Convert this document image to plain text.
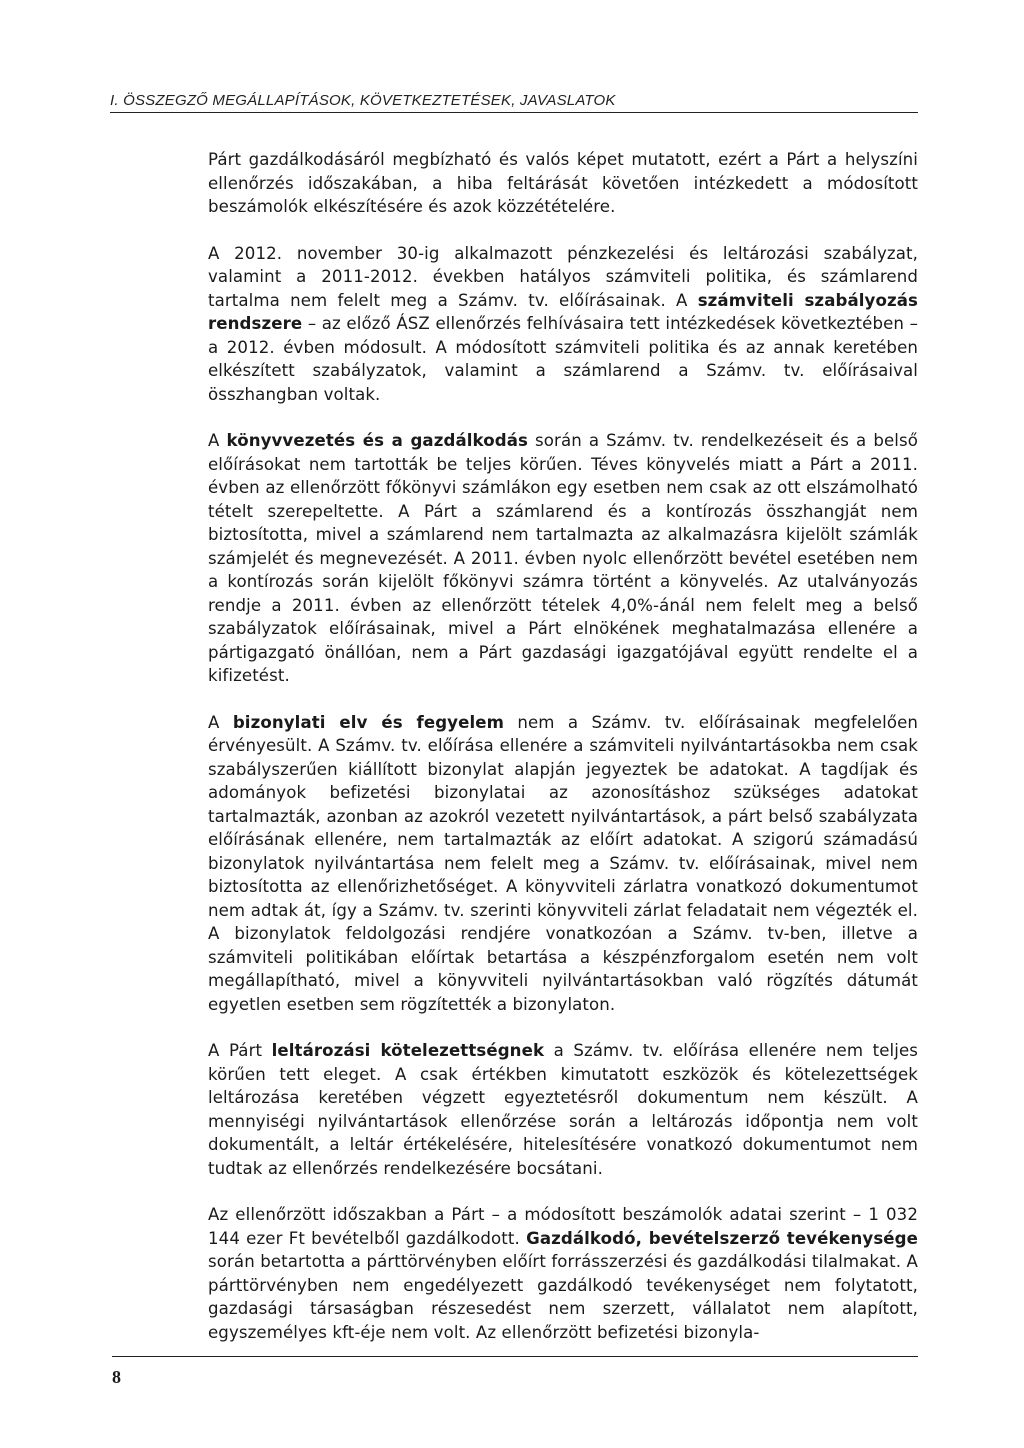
I. ÖSSZEGZŐ MEGÁLLAPÍTÁSOK, KÖVETKEZTETÉSEK, JAVASLATOK

Párt gazdálkodásáról megbízható és valós képet mutatott, ezért a Párt a helyszíni ellenőrzés időszakában, a hiba feltárását követően intézkedett a módosított beszámolók elkészítésére és azok közzétételére.

A 2012. november 30-ig alkalmazott pénzkezelési és leltározási szabályzat, valamint a 2011-2012. években hatályos számviteli politika, és számlarend tartalma nem felelt meg a Számv. tv. előírásainak. A számviteli szabályozás rendszere – az előző ÁSZ ellenőrzés felhívásaira tett intézkedések következtében – a 2012. évben módosult. A módosított számviteli politika és az annak keretében elkészített szabályzatok, valamint a számlarend a Számv. tv. előírásaival összhangban voltak.

A könyvvezetés és a gazdálkodás során a Számv. tv. rendelkezéseit és a belső előírásokat nem tartották be teljes körűen. Téves könyvelés miatt a Párt a 2011. évben az ellenőrzött főkönyvi számlákon egy esetben nem csak az ott elszámolható tételt szerepeltette. A Párt a számlarend és a kontírozás összhangját nem biztosította, mivel a számlarend nem tartalmazta az alkalmazásra kijelölt számlák számjelét és megnevezését. A 2011. évben nyolc ellenőrzött bevétel esetében nem a kontírozás során kijelölt főkönyvi számra történt a könyvelés. Az utalványozás rendje a 2011. évben az ellenőrzött tételek 4,0%-ánál nem felelt meg a belső szabályzatok előírásainak, mivel a Párt elnökének meghatalmazása ellenére a pártigazgató önállóan, nem a Párt gazdasági igazgatójával együtt rendelte el a kifizetést.

A bizonylati elv és fegyelem nem a Számv. tv. előírásainak megfelelően érvényesült. A Számv. tv. előírása ellenére a számviteli nyilvántartásokba nem csak szabályszerűen kiállított bizonylat alapján jegyeztek be adatokat. A tagdíjak és adományok befizetési bizonylatai az azonosításhoz szükséges adatokat tartalmazták, azonban az azokról vezetett nyilvántartások, a párt belső szabályzata előírásának ellenére, nem tartalmazták az előírt adatokat. A szigorú számadású bizonylatok nyilvántartása nem felelt meg a Számv. tv. előírásainak, mivel nem biztosította az ellenőrizhetőséget. A könyvviteli zárlatra vonatkozó dokumentumot nem adtak át, így a Számv. tv. szerinti könyvviteli zárlat feladatait nem végezték el. A bizonylatok feldolgozási rendjére vonatkozóan a Számv. tv-ben, illetve a számviteli politikában előírtak betartása a készpénzforgalom esetén nem volt megállapítható, mivel a könyvviteli nyilvántartásokban való rögzítés dátumát egyetlen esetben sem rögzítették a bizonylaton.

A Párt leltározási kötelezettségnek a Számv. tv. előírása ellenére nem teljes körűen tett eleget. A csak értékben kimutatott eszközök és kötelezettségek leltározása keretében végzett egyeztetésről dokumentum nem készült. A mennyiségi nyilvántartások ellenőrzése során a leltározás időpontja nem volt dokumentált, a leltár értékelésére, hitelesítésére vonatkozó dokumentumot nem tudtak az ellenőrzés rendelkezésére bocsátani.

Az ellenőrzött időszakban a Párt – a módosított beszámolók adatai szerint – 1 032 144 ezer Ft bevételből gazdálkodott. Gazdálkodó, bevételszerző tevékenysége során betartotta a párttörvényben előírt forrásszerzési és gazdálkodási tilalmakat. A párttörvényben nem engedélyezett gazdálkodó tevékenységet nem folytatott, gazdasági társaságban részesedést nem szerzett, vállalatot nem alapított, egyszemélyes kft-éje nem volt. Az ellenőrzött befizetési bizonyla-

8
